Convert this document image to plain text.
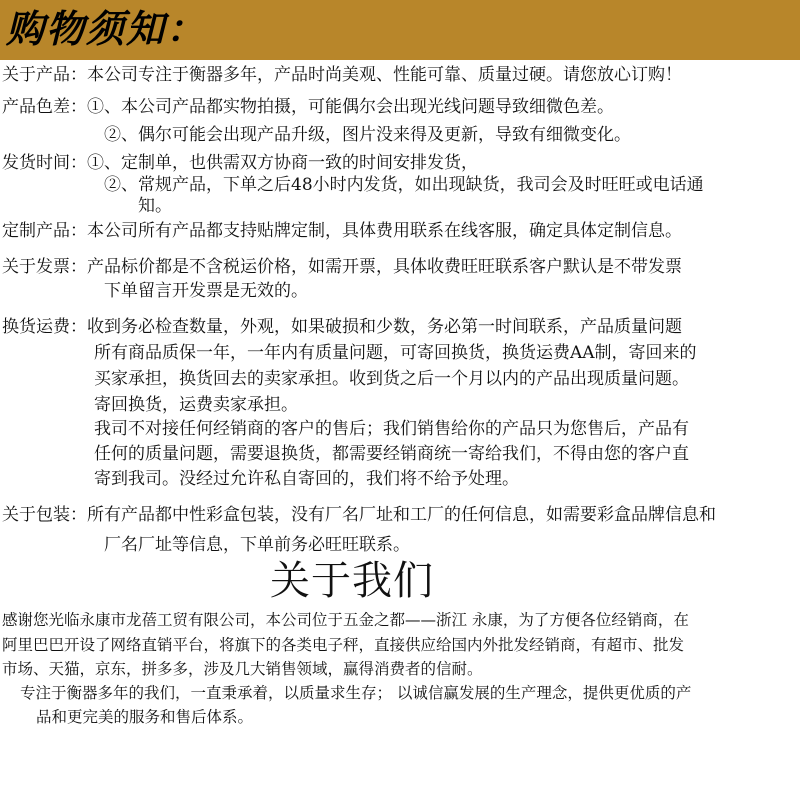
购物须知：
关于产品：本公司专注于衡器多年，产品时尚美观、性能可靠、质量过硬。请您放心订购！
产品色差：①、本公司产品都实物拍摄，可能偶尔会出现光线问题导致细微色差。
②、偶尔可能会出现产品升级，图片没来得及更新，导致有细微变化。
发货时间：①、定制单，也供需双方协商一致的时间安排发货，
②、常规产品，下单之后48小时内发货，如出现缺货，我司会及时旺旺或电话通
知。
定制产品：本公司所有产品都支持贴牌定制，具体费用联系在线客服，确定具体定制信息。
关于发票：产品标价都是不含税运价格，如需开票，具体收费旺旺联系客户默认是不带发票
下单留言开发票是无效的。
换货运费：收到务必检查数量，外观，如果破损和少数，务必第一时间联系，产品质量问题
所有商品质保一年，一年内有质量问题，可寄回换货，换货运费AA制，寄回来的
买家承担，换货回去的卖家承担。收到货之后一个月以内的产品出现质量问题。
寄回换货，运费卖家承担。
我司不对接任何经销商的客户的售后；我们销售给你的产品只为您售后，产品有
任何的质量问题，需要退换货，都需要经销商统一寄给我们，不得由您的客户直
寄到我司。没经过允许私自寄回的，我们将不给予处理。
关于包装：所有产品都中性彩盒包装，没有厂名厂址和工厂的任何信息，如需要彩盒品牌信息和
厂名厂址等信息，下单前务必旺旺联系。
关于我们
感谢您光临永康市龙蓓工贸有限公司，本公司位于五金之都——浙江 永康，为了方便各位经销商，在
阿里巴巴开设了网络直销平台，将旗下的各类电子秤，直接供应给国内外批发经销商，有超市、批发
市场、天猫，京东，拼多多，涉及几大销售领域，赢得消费者的信耐。
专注于衡器多年的我们，一直秉承着，以质量求生存； 以诚信赢发展的生产理念，提供更优质的产
品和更完美的服务和售后体系。
